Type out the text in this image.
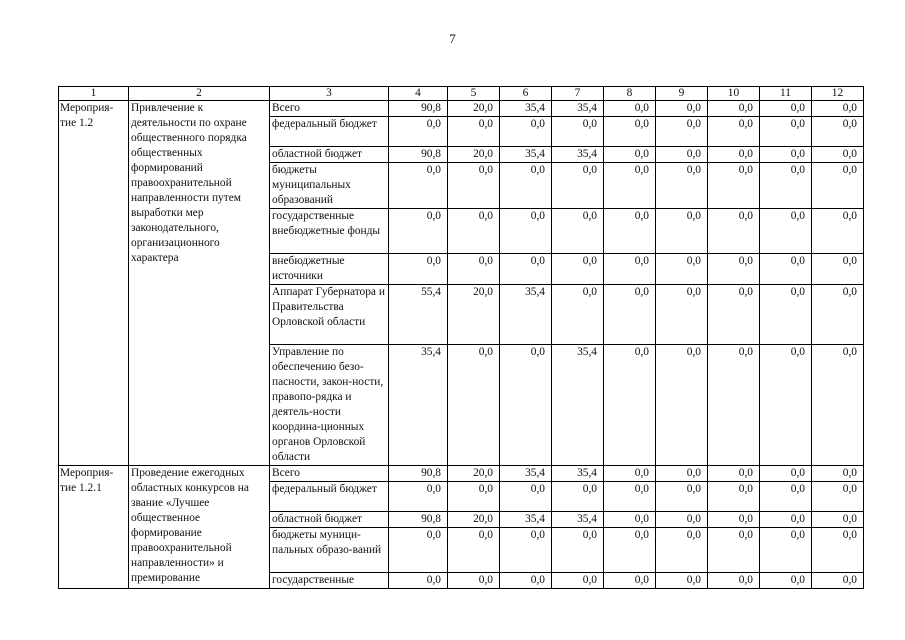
7
1	2	3	4	5	6	7	8	9	10	11	12
Мероприя-тие 1.2	Привлечение к деятельности по охране общественного порядка общественных формирований правоохранительной направленности путем выработки мер законодательного, организационного характера	Всего	90,8	20,0	35,4	35,4	0,0	0,0	0,0	0,0	0,0
		федеральный бюджет	0,0	0,0	0,0	0,0	0,0	0,0	0,0	0,0	0,0
		областной бюджет	90,8	20,0	35,4	35,4	0,0	0,0	0,0	0,0	0,0
		бюджеты муниципальных образований	0,0	0,0	0,0	0,0	0,0	0,0	0,0	0,0	0,0
		государственные внебюджетные фонды	0,0	0,0	0,0	0,0	0,0	0,0	0,0	0,0	0,0
		внебюджетные источники	0,0	0,0	0,0	0,0	0,0	0,0	0,0	0,0	0,0
		Аппарат Губернатора и Правительства Орловской области	55,4	20,0	35,4	0,0	0,0	0,0	0,0	0,0	0,0
		Управление по обеспечению безо-пасности, закон-ности, правопо-рядка и деятель-ности координа-ционных органов Орловской области	35,4	0,0	0,0	35,4	0,0	0,0	0,0	0,0	0,0
Мероприя-тие 1.2.1	Проведение ежегодных областных конкурсов на звание «Лучшее общественное формирование правоохранительной направленности» и премирование	Всего	90,8	20,0	35,4	35,4	0,0	0,0	0,0	0,0	0,0
		федеральный бюджет	0,0	0,0	0,0	0,0	0,0	0,0	0,0	0,0	0,0
		областной бюджет	90,8	20,0	35,4	35,4	0,0	0,0	0,0	0,0	0,0
		бюджеты муници-пальных образо-ваний	0,0	0,0	0,0	0,0	0,0	0,0	0,0	0,0	0,0
		государственные	0,0	0,0	0,0	0,0	0,0	0,0	0,0	0,0	0,0
